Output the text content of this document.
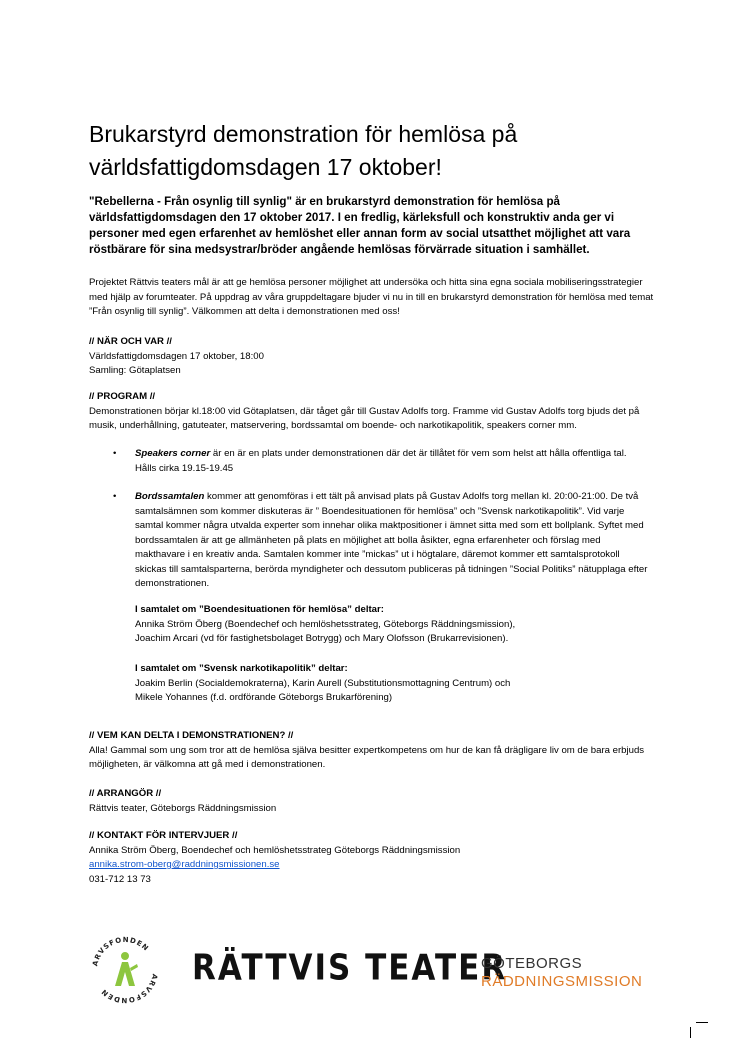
Brukarstyrd demonstration för hemlösa på världsfattigdomsdagen 17 oktober!

"Rebellerna - Från osynlig till synlig" är en brukarstyrd demonstration för hemlösa på världsfattigdomsdagen den 17 oktober 2017. I en fredlig, kärleksfull och konstruktiv anda ger vi personer med egen erfarenhet av hemlöshet eller annan form av social utsatthet möjlighet att vara röstbärare för sina medsystrar/bröder angående hemlösas förvärrade situation i samhället.

Projektet Rättvis teaters mål är att ge hemlösa personer möjlighet att undersöka och hitta sina egna sociala mobiliseringsstrategier med hjälp av forumteater. På uppdrag av våra gruppdeltagare bjuder vi nu in till en brukarstyrd demonstration för hemlösa med temat ”Från osynlig till synlig”. Välkommen att delta i demonstrationen med oss!

// NÄR OCH VAR //

Världsfattigdomsdagen 17 oktober, 18:00

Samling: Götaplatsen

// PROGRAM //

Demonstrationen börjar kl.18:00 vid Götaplatsen, där tåget går till Gustav Adolfs torg. Framme vid Gustav Adolfs torg bjuds det på musik, underhållning, gatuteater, matservering, bordssamtal om boende- och narkotikapolitik, speakers corner mm.

• Speakers corner är en är en plats under demonstrationen där det är tillåtet för vem som helst att hålla offentliga tal. Hålls cirka 19.15-19.45
• Bordssamtalen kommer att genomföras i ett tält på anvisad plats på Gustav Adolfs torg mellan kl. 20:00-21:00. De två samtalsämnen som kommer diskuteras är ” Boendesituationen för hemlösa” och ”Svensk narkotikapolitik”. Vid varje samtal kommer några utvalda experter som innehar olika maktpositioner i ämnet sitta med som ett bollplank. Syftet med bordssamtalen är att ge allmänheten på plats en möjlighet att bolla åsikter, egna erfarenheter och förslag med makthavare i en kreativ anda. Samtalen kommer inte ”mickas” ut i högtalare, däremot kommer ett samtalsprotokoll skickas till samtalsparterna, berörda myndigheter och dessutom publiceras på tidningen ”Social Politiks” nätupplaga efter demonstrationen.

I samtalet om ”Boendesituationen för hemlösa” deltar:

Annika Ström Öberg (Boendechef och hemlöshetsstrateg, Göteborgs Räddningsmission),

Joachim Arcari (vd för fastighetsbolaget Botrygg) och Mary Olofsson (Brukarrevisionen).

I samtalet om ”Svensk narkotikapolitik” deltar:

Joakim Berlin (Socialdemokraterna), Karin Aurell (Substitutionsmottagning Centrum) och

Mikele Yohannes (f.d. ordförande Göteborgs Brukarförening)

// VEM KAN DELTA I DEMONSTRATIONEN? //

Alla! Gammal som ung som tror att de hemlösa själva besitter expertkompetens om hur de kan få drägligare liv om de bara erbjuds möjligheten, är välkomna att gå med i demonstrationen.

// ARRANGÖR //

Rättvis teater, Göteborgs Räddningsmission

// KONTAKT FÖR INTERVJUER //

Annika Ström Öberg, Boendechef och hemlöshetsstrateg Göteborgs Räddningsmission

annika.strom-oberg@raddningsmissionen.se

031-712 13 73

ARVSFONDEN
ARVSFONDEN
RÄTTVIS TEATER
GÖTEBORGS
RÄDDNINGSMISSION
